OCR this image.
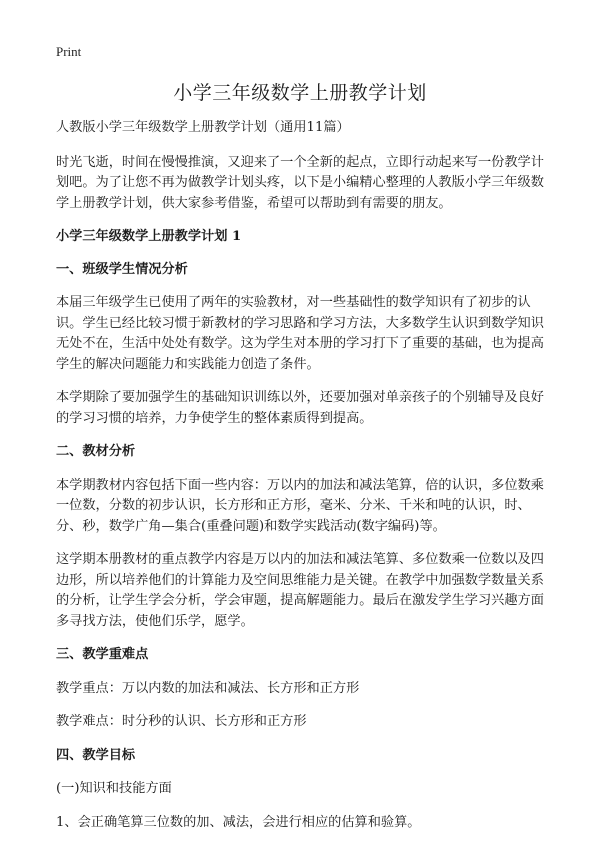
Print
小学三年级数学上册教学计划

人教版小学三年级数学上册教学计划（通用11篇）

时光飞逝，时间在慢慢推演，又迎来了一个全新的起点，立即行动起来写一份教学计划吧。为了让您不再为做教学计划头疼，以下是小编精心整理的人教版小学三年级数学上册教学计划，供大家参考借鉴，希望可以帮助到有需要的朋友。

小学三年级数学上册教学计划 1

一、班级学生情况分析

本届三年级学生已使用了两年的实验教材，对一些基础性的数学知识有了初步的认识。学生已经比较习惯于新教材的学习思路和学习方法，大多数学生认识到数学知识无处不在，生活中处处有数学。这为学生对本册的学习打下了重要的基础，也为提高学生的解决问题能力和实践能力创造了条件。

本学期除了要加强学生的基础知识训练以外，还要加强对单亲孩子的个别辅导及良好的学习习惯的培养，力争使学生的整体素质得到提高。

二、教材分析

本学期教材内容包括下面一些内容：万以内的加法和减法笔算，倍的认识，多位数乘一位数，分数的初步认识，长方形和正方形，毫米、分米、千米和吨的认识，时、分、秒，数学广角—集合(重叠问题)和数学实践活动(数字编码)等。

这学期本册教材的重点教学内容是万以内的加法和减法笔算、多位数乘一位数以及四边形，所以培养他们的计算能力及空间思维能力是关键。在教学中加强数学数量关系的分析，让学生学会分析，学会审题，提高解题能力。最后在激发学生学习兴趣方面多寻找方法，使他们乐学，愿学。

三、教学重难点

教学重点：万以内数的加法和减法、长方形和正方形

教学难点：时分秒的认识、长方形和正方形

四、教学目标

(一)知识和技能方面

1、会正确笔算三位数的加、减法，会进行相应的估算和验算。
